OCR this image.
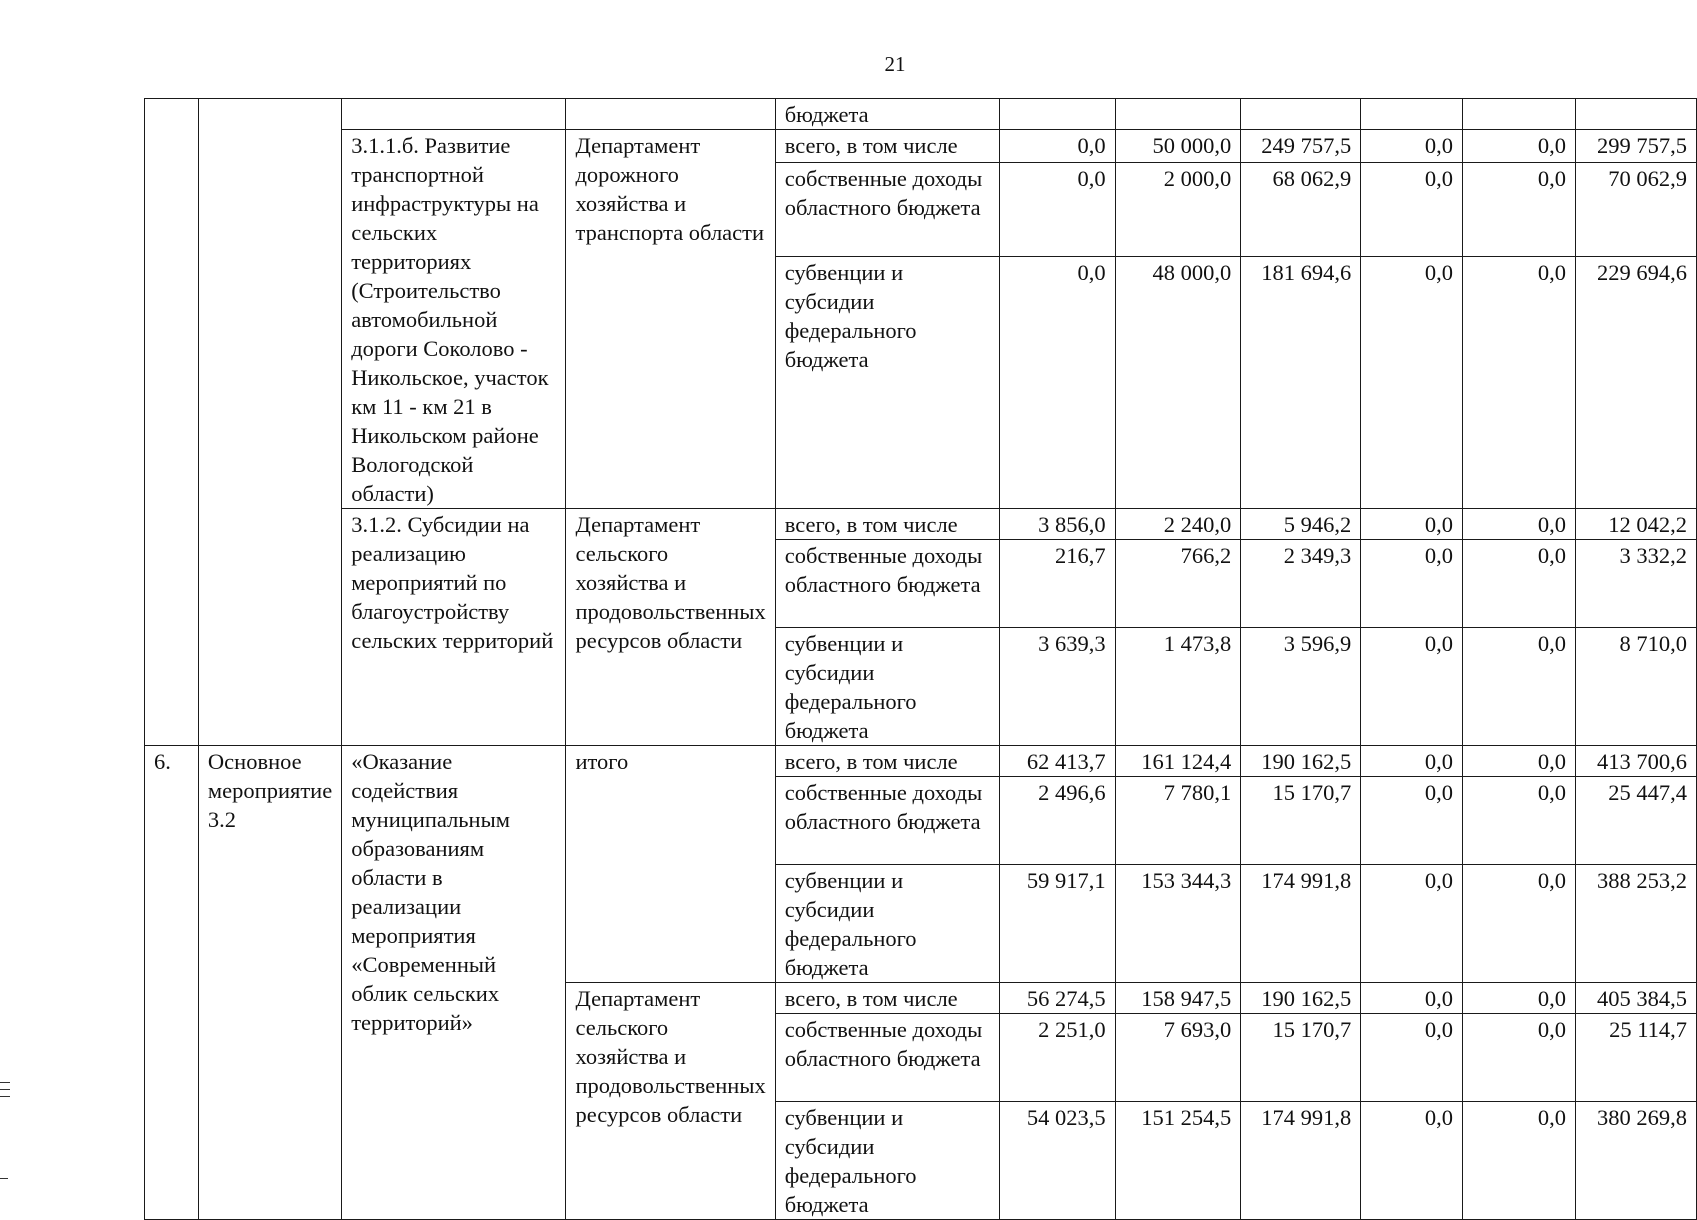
21
				бюджета						
		3.1.1.б. Развитие транспортной инфраструктуры на сельских территориях (Строительство автомобильной дороги Соколово - Никольское, участок км 11 - км 21 в Никольском районе Вологодской области)	Департамент дорожного хозяйства и транспорта области	всего, в том числе	0,0	50 000,0	249 757,5	0,0	0,0	299 757,5
				собственные доходы областного бюджета	0,0	2 000,0	68 062,9	0,0	0,0	70 062,9
				субвенции и субсидии федерального бюджета	0,0	48 000,0	181 694,6	0,0	0,0	229 694,6
		3.1.2. Субсидии на реализацию мероприятий по благоустройству сельских территорий	Департамент сельского хозяйства и продовольственных ресурсов области	всего, в том числе	3 856,0	2 240,0	5 946,2	0,0	0,0	12 042,2
				собственные доходы областного бюджета	216,7	766,2	2 349,3	0,0	0,0	3 332,2
				субвенции и субсидии федерального бюджета	3 639,3	1 473,8	3 596,9	0,0	0,0	8 710,0
6.	Основное мероприятие 3.2	«Оказание содействия муниципальным образованиям области в реализации мероприятия «Современный облик сельских территорий»	итого	всего, в том числе	62 413,7	161 124,4	190 162,5	0,0	0,0	413 700,6
				собственные доходы областного бюджета	2 496,6	7 780,1	15 170,7	0,0	0,0	25 447,4
				субвенции и субсидии федерального бюджета	59 917,1	153 344,3	174 991,8	0,0	0,0	388 253,2
			Департамент сельского хозяйства и продовольственных ресурсов области	всего, в том числе	56 274,5	158 947,5	190 162,5	0,0	0,0	405 384,5
				собственные доходы областного бюджета	2 251,0	7 693,0	15 170,7	0,0	0,0	25 114,7
				субвенции и субсидии федерального бюджета	54 023,5	151 254,5	174 991,8	0,0	0,0	380 269,8
